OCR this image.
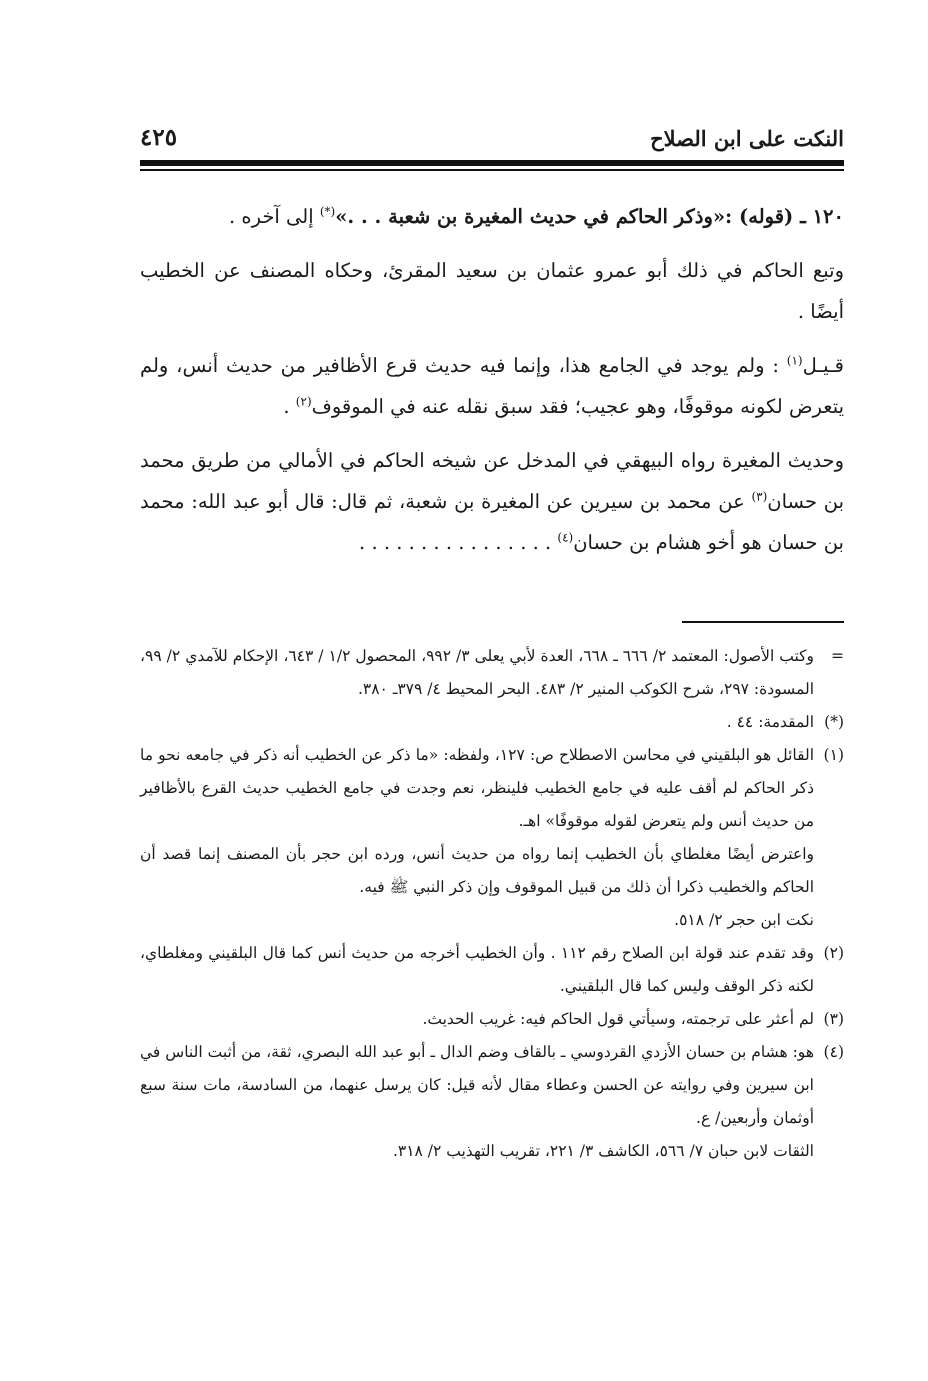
النكت على ابن الصلاح
٤٢٥

١٢٠ ـ (قوله) :«وذكر الحاكم في حديث المغيرة بن شعبة . . .»(*) إلى آخره .

وتبع الحاكم في ذلك أبو عمرو عثمان بن سعيد المقرئ، وحكاه المصنف عن الخطيب أيضًا .

قـيـل$^{(١)}$ : ولم يوجد في الجامع هذا، وإنما فيه حديث قرع الأظافير من حديث أنس، ولم يتعرض لكونه موقوفًا، وهو عجيب؛ فقد سبق نقله عنه في الموقوف$^{(٢)}$ .

وحديث المغيرة رواه البيهقي في المدخل عن شيخه الحاكم في الأمالي من طريق محمد بن حسان$^{(٣)}$ عن محمد بن سيرين عن المغيرة بن شعبة، ثم قال: قال أبو عبد الله: محمد بن حسان هو أخو هشام بن حسان$^{(٤)}$ . . . . . . . . . . . . . . . .

=

وكتب الأصول: المعتمد ٢/ ٦٦٦ ـ ٦٦٨، العدة لأبي يعلى ٣/ ٩٩٢، المحصول ١/٢ / ٦٤٣، الإحكام للآمدي ٢/ ٩٩، المسودة: ٢٩٧، شرح الكوكب المنير ٢/ ٤٨٣. البحر المحيط ٤/ ٣٧٩ـ ٣٨٠.

(*)

المقدمة: ٤٤ .

(١)

القائل هو البلقيني في محاسن الاصطلاح ص: ١٢٧، ولفظه: «ما ذكر عن الخطيب أنه ذكر في جامعه نحو ما ذكر الحاكم لم أقف عليه في جامع الخطيب فلينظر، نعم وجدت في جامع الخطيب حديث القرع بالأظافير من حديث أنس ولم يتعرض لقوله موقوفًا» اهـ.

واعترض أيضًا مغلطاي بأن الخطيب إنما رواه من حديث أنس، ورده ابن حجر بأن المصنف إنما قصد أن الحاكم والخطيب ذكرا أن ذلك من قبيل الموقوف وإن ذكر النبي ﷺ فيه.

نكت ابن حجر ٢/ ٥١٨.

(٢)

وقد تقدم عند قولة ابن الصلاح رقم ١١٢ . وأن الخطيب أخرجه من حديث أنس كما قال البلقيني ومغلطاي، لكنه ذكر الوقف وليس كما قال البلقيني.

(٣)

لم أعثر على ترجمته، وسيأتي قول الحاكم فيه: غريب الحديث.

(٤)

هو: هشام بن حسان الأزدي القردوسي ـ بالقاف وضم الدال ـ أبو عبد الله البصري، ثقة، من أثبت الناس في ابن سيرين وفي روايته عن الحسن وعطاء مقال لأنه قيل: كان يرسل عنهما، من السادسة، مات سنة سبع أوثمان وأربعين/ ع.

الثقات لابن حبان ٧/ ٥٦٦، الكاشف ٣/ ٢٢١، تقريب التهذيب ٢/ ٣١٨.
